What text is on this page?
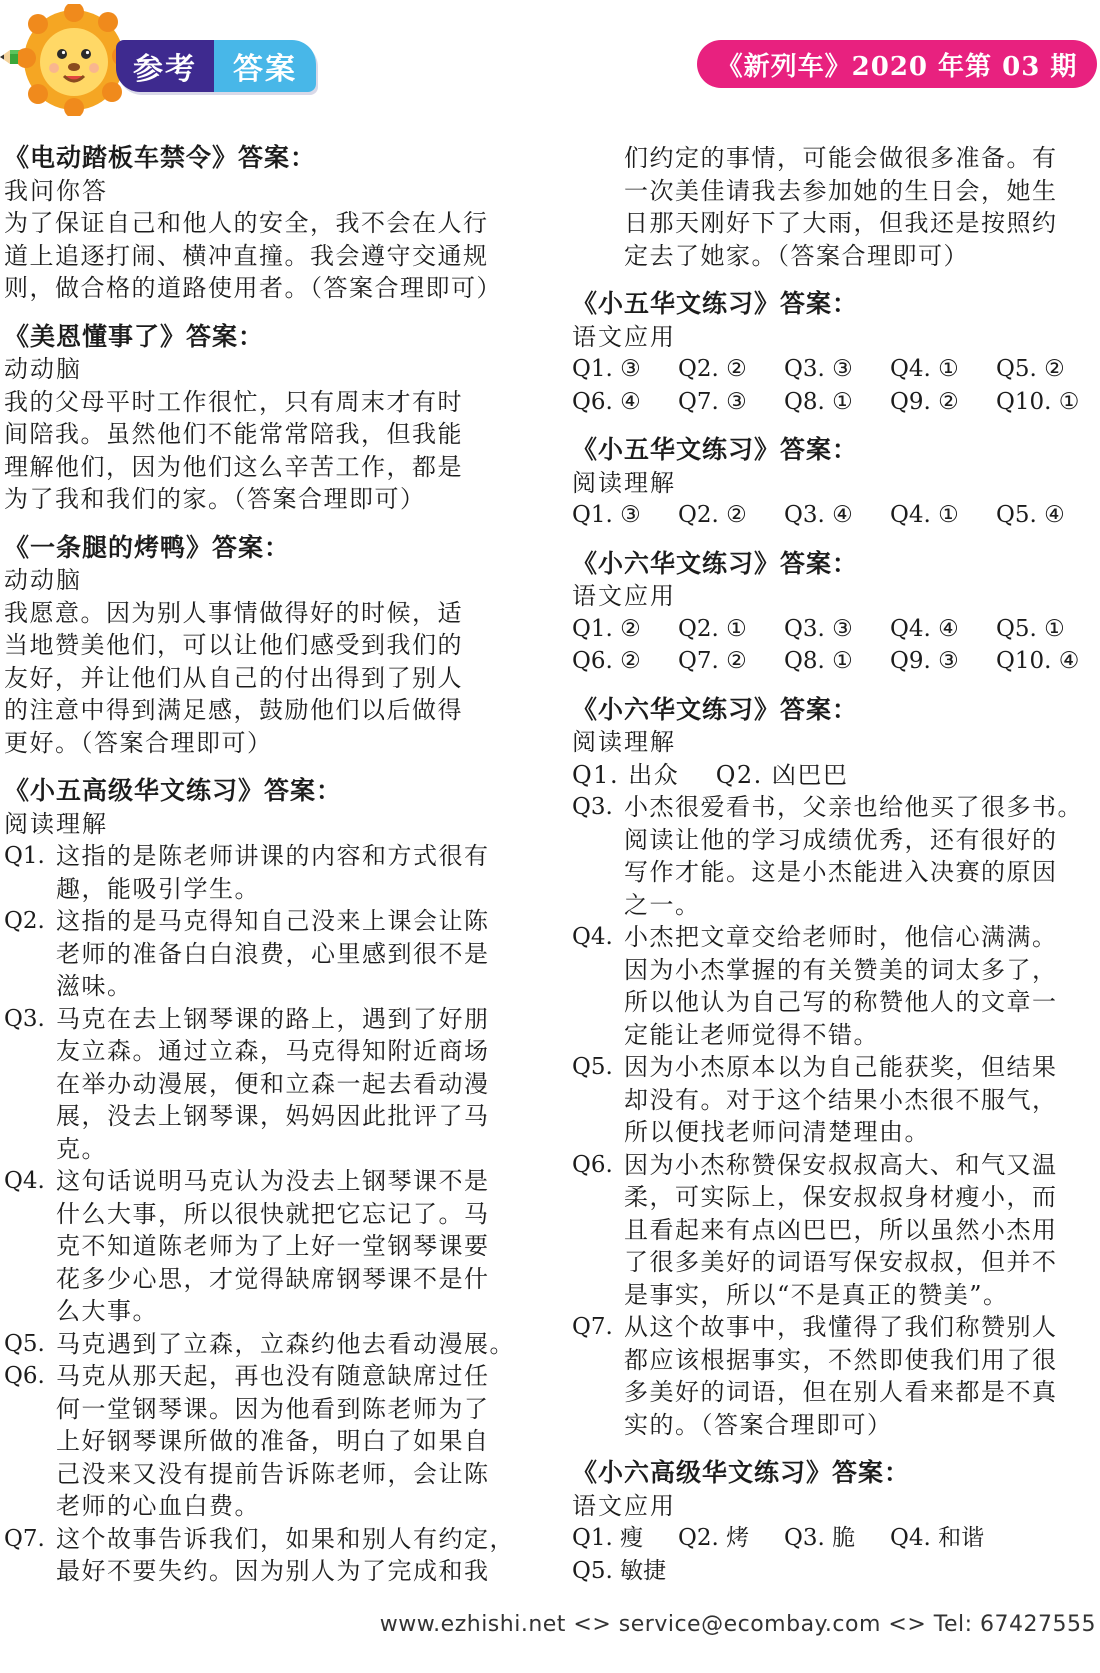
参考	答案	《新列车》2020 年第 03 期
《电动踏板车禁令》答案：
我问你答
为了保证自己和他人的安全，我不会在人行
道上追逐打闹、横冲直撞。我会遵守交通规
则，做合格的道路使用者。（答案合理即可）
《美恩懂事了》答案：
动动脑
我的父母平时工作很忙，只有周末才有时
间陪我。虽然他们不能常常陪我，但我能
理解他们，因为他们这么辛苦工作，都是
为了我和我们的家。（答案合理即可）
《一条腿的烤鸭》答案：
动动脑
我愿意。因为别人事情做得好的时候，适
当地赞美他们，可以让他们感受到我们的
友好，并让他们从自己的付出得到了别人
的注意中得到满足感，鼓励他们以后做得
更好。（答案合理即可）
《小五高级华文练习》答案：
阅读理解
Q1. 这指的是陈老师讲课的内容和方式很有
趣，能吸引学生。
Q2. 这指的是马克得知自己没来上课会让陈
老师的准备白白浪费，心里感到很不是
滋味。
Q3. 马克在去上钢琴课的路上，遇到了好朋
友立森。通过立森，马克得知附近商场
在举办动漫展，便和立森一起去看动漫
展，没去上钢琴课，妈妈因此批评了马
克。
Q4. 这句话说明马克认为没去上钢琴课不是
什么大事，所以很快就把它忘记了。马
克不知道陈老师为了上好一堂钢琴课要
花多少心思，才觉得缺席钢琴课不是什
么大事。
Q5. 马克遇到了立森，立森约他去看动漫展。
Q6. 马克从那天起，再也没有随意缺席过任
何一堂钢琴课。因为他看到陈老师为了
上好钢琴课所做的准备，明白了如果自
己没来又没有提前告诉陈老师，会让陈
老师的心血白费。
Q7. 这个故事告诉我们，如果和别人有约定，
最好不要失约。因为别人为了完成和我
们约定的事情，可能会做很多准备。有
一次美佳请我去参加她的生日会，她生
日那天刚好下了大雨，但我还是按照约
定去了她家。（答案合理即可）
《小五华文练习》答案：
语文应用
Q1. ③	Q2. ②	Q3. ③	Q4. ①	Q5. ②
Q6. ④	Q7. ③	Q8. ①	Q9. ②	Q10. ①
《小五华文练习》答案：
阅读理解
Q1. ③	Q2. ②	Q3. ④	Q4. ①	Q5. ④
《小六华文练习》答案：
语文应用
Q1. ②	Q2. ①	Q3. ③	Q4. ④	Q5. ①
Q6. ②	Q7. ②	Q8. ①	Q9. ③	Q10. ④
《小六华文练习》答案：
阅读理解
Q1. 出众    Q2. 凶巴巴
Q3. 小杰很爱看书，父亲也给他买了很多书。
阅读让他的学习成绩优秀，还有很好的
写作才能。这是小杰能进入决赛的原因
之一。
Q4. 小杰把文章交给老师时，他信心满满。
因为小杰掌握的有关赞美的词太多了，
所以他认为自己写的称赞他人的文章一
定能让老师觉得不错。
Q5. 因为小杰原本以为自己能获奖，但结果
却没有。对于这个结果小杰很不服气，
所以便找老师问清楚理由。
Q6. 因为小杰称赞保安叔叔高大、和气又温
柔，可实际上，保安叔叔身材瘦小，而
且看起来有点凶巴巴，所以虽然小杰用
了很多美好的词语写保安叔叔，但并不
是事实，所以“不是真正的赞美”。
Q7. 从这个故事中，我懂得了我们称赞别人
都应该根据事实，不然即使我们用了很
多美好的词语，但在别人看来都是不真
实的。（答案合理即可）
《小六高级华文练习》答案：
语文应用
Q1. 瘦	Q2. 烤	Q3. 脆	Q4. 和谐
Q5. 敏捷
www.ezhishi.net <> service@ecombay.com <> Tel: 67427555
